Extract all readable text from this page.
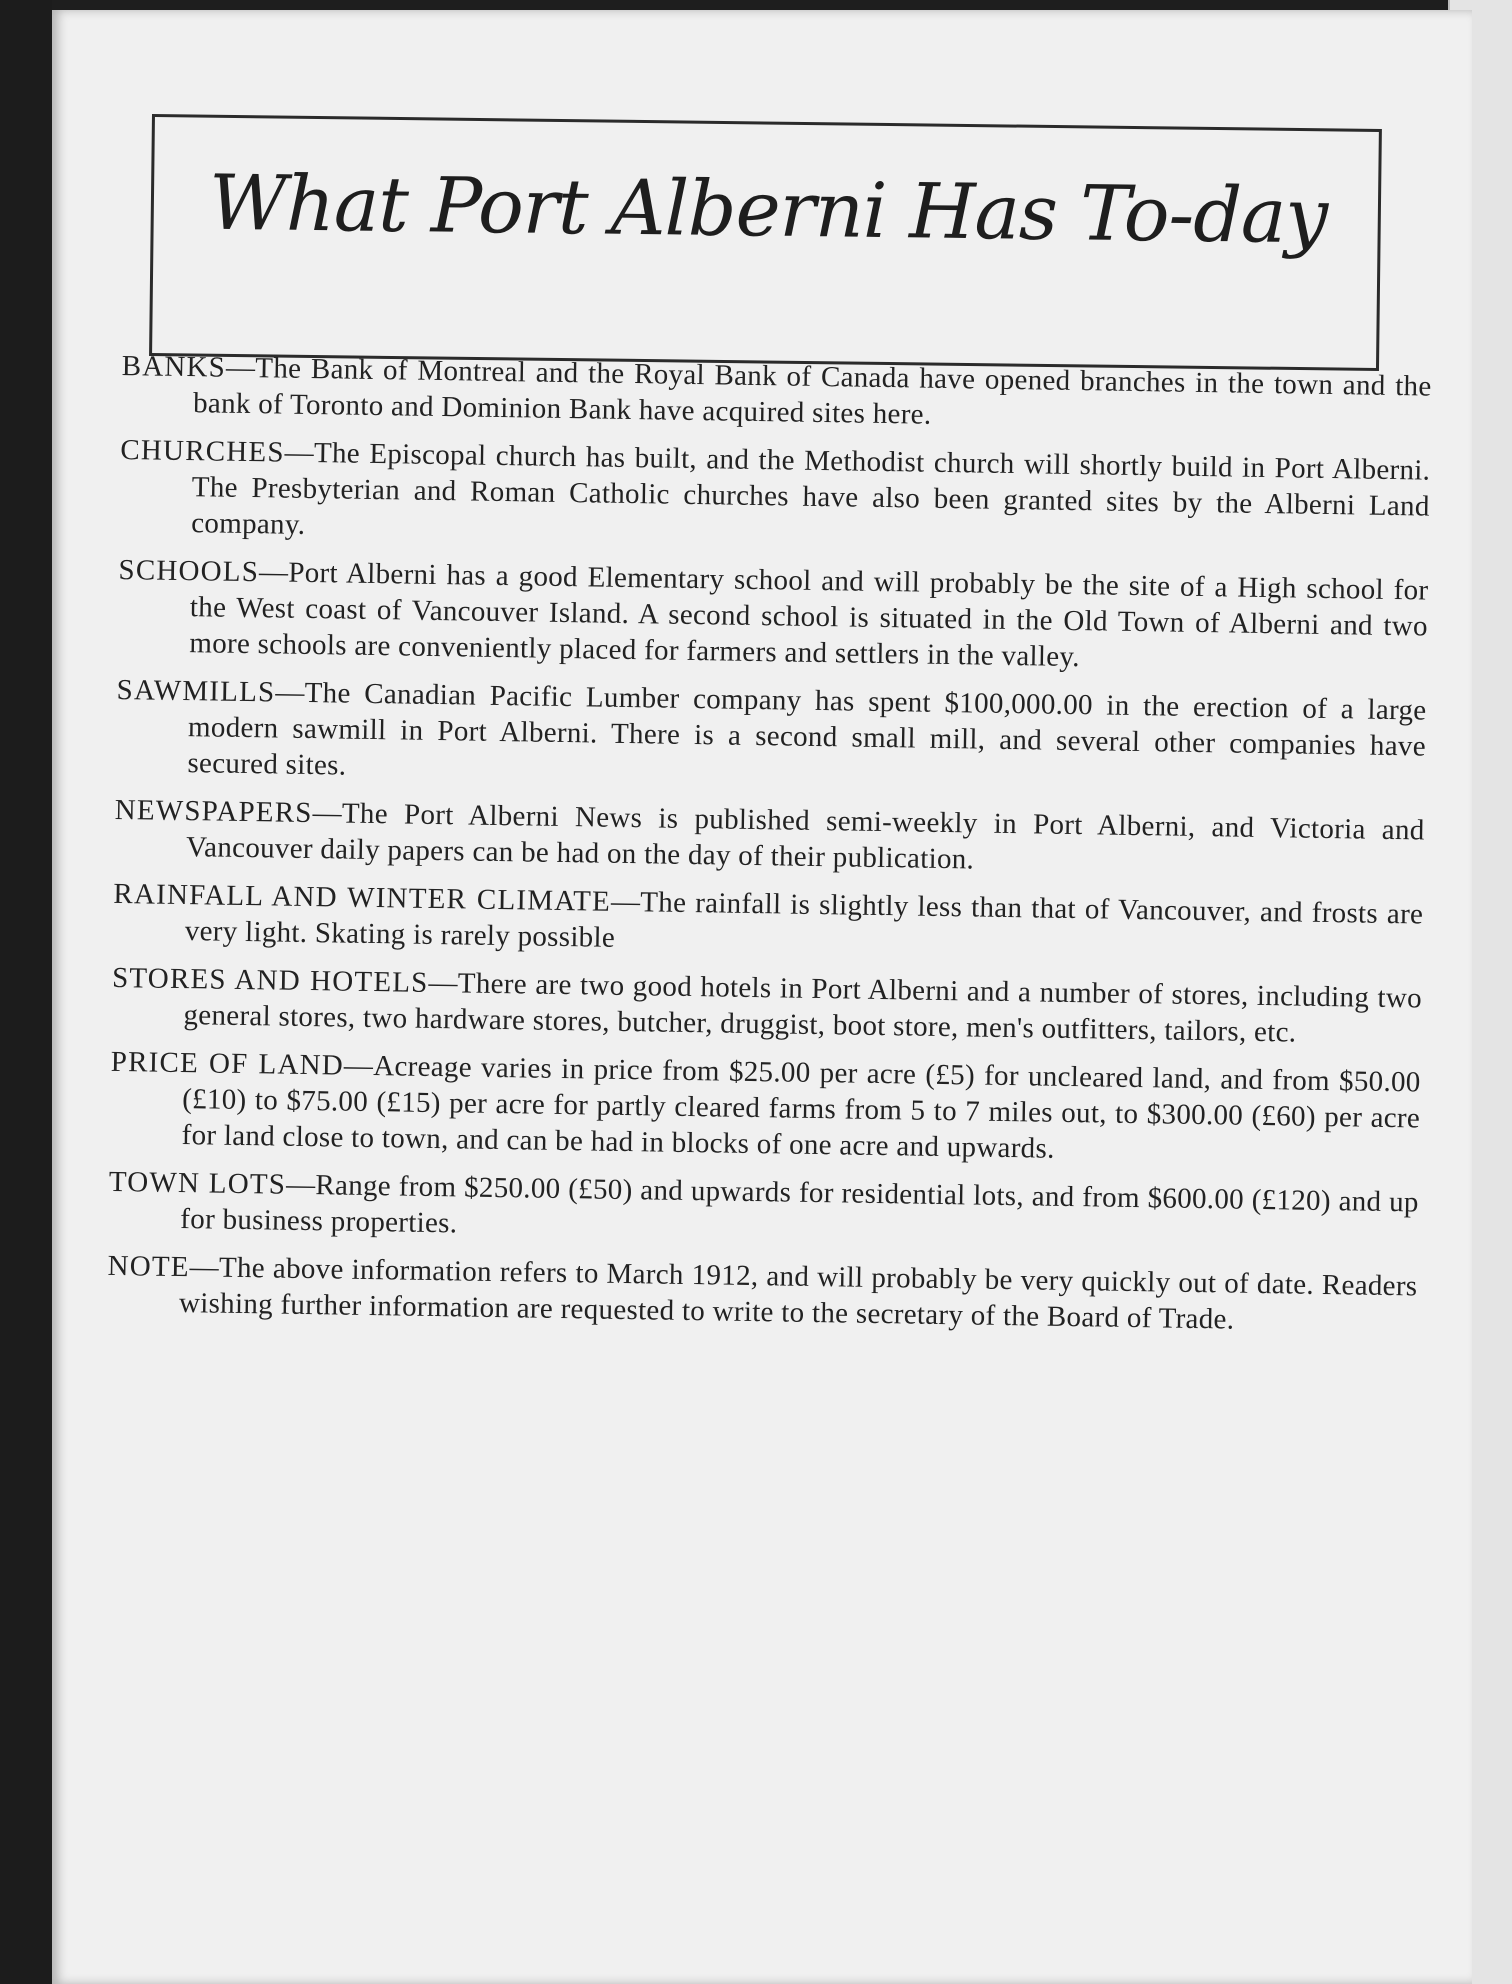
What Port Alberni Has To-day

BANKS—The Bank of Montreal and the Royal Bank of Canada have opened branches in the town and the bank of Toronto and Dominion Bank have acquired sites here.

CHURCHES—The Episcopal church has built, and the Methodist church will shortly build in Port Alberni. The Presbyterian and Roman Catholic churches have also been granted sites by the Alberni Land company.

SCHOOLS—Port Alberni has a good Elementary school and will probably be the site of a High school for the West coast of Vancouver Island. A second school is situated in the Old Town of Alberni and two more schools are conveniently placed for farmers and settlers in the valley.

SAWMILLS—The Canadian Pacific Lumber company has spent $100,000.00 in the erection of a large modern sawmill in Port Alberni. There is a second small mill, and several other companies have secured sites.

NEWSPAPERS—The Port Alberni News is published semi-weekly in Port Alberni, and Victoria and Vancouver daily papers can be had on the day of their publication.

RAINFALL AND WINTER CLIMATE—The rainfall is slightly less than that of Vancouver, and frosts are very light. Skating is rarely possible

STORES AND HOTELS—There are two good hotels in Port Alberni and a number of stores, including two general stores, two hardware stores, butcher, druggist, boot store, men's outfitters, tailors, etc.

PRICE OF LAND—Acreage varies in price from $25.00 per acre (£5) for uncleared land, and from $50.00 (£10) to $75.00 (£15) per acre for partly cleared farms from 5 to 7 miles out, to $300.00 (£60) per acre for land close to town, and can be had in blocks of one acre and upwards.

TOWN LOTS—Range from $250.00 (£50) and upwards for residential lots, and from $600.00 (£120) and up for business properties.

NOTE—The above information refers to March 1912, and will probably be very quickly out of date. Readers wishing further information are requested to write to the secretary of the Board of Trade.
